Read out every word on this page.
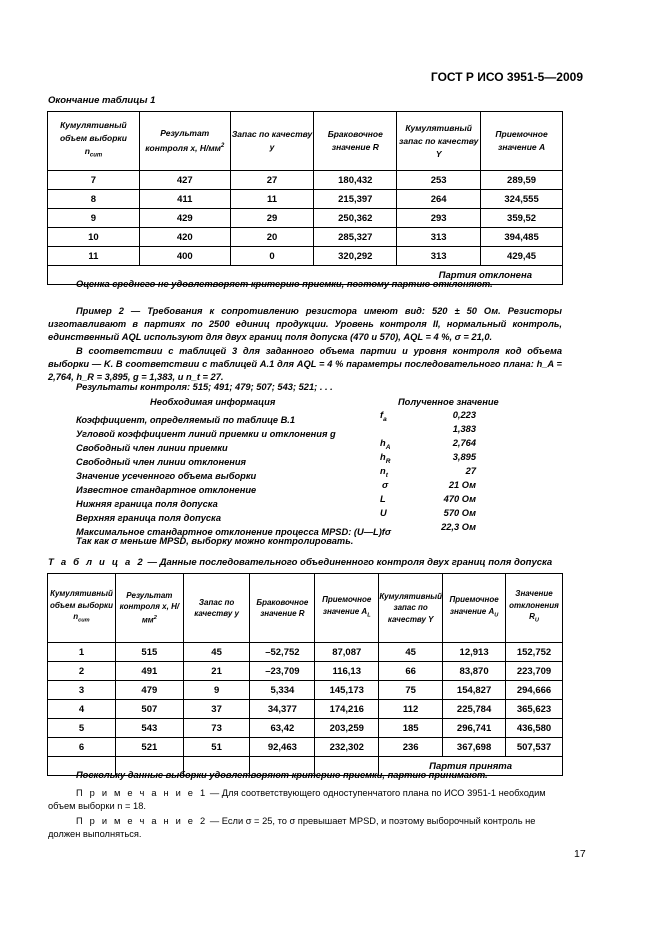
ГОСТ Р ИСО 3951-5—2009
Окончание таблицы 1
Кумулятивный объем выборки
$n_{cum}$	Результат контроля x, $Н/мм^2$	Запас по качеству y	Браковочное значение R	Кумулятивный запас по качеству Y	Приемочное значение A
7	427	27	180,432	253	289,59
8	411	11	215,397	264	324,555
9	429	29	250,362	293	359,52
10	420	20	285,327	313	394,485
11	400	0	320,292	313	429,45
Партия отклонена					
Оценка среднего не удовлетворяет критерию приемки, поэтому партию отклоняют.
Пример 2 — Требования к сопротивлению резистора имеют вид: 520 ± 50 Ом. Резисторы изготавливают в партиях по 2500 единиц продукции. Уровень контроля II, нормальный контроль, единственный AQL используют для двух границ поля допуска (470 и 570), AQL = 4 %, σ = 21,0.
В соответствии с таблицей 3 для заданного объема партии и уровня контроля код объема выборки — K. В соответствии с таблицей A.1 для AQL = 4 % параметры последовательного плана: h_A = 2,764, h_R = 3,895, g = 1,383, и n_t = 27.
Результаты контроля: 515; 491; 479; 507; 543; 521; . . .
Необходимая информация	Полученное значение
Коэффициент, определяемый по таблице В.1	$f_a$	0,223
Угловой коэффициент линий приемки и отклонения g	1,383
Свободный член линии приемки	$h_A$	2,764
Свободный член линии отклонения	$h_R$	3,895
Значение усеченного объема выборки	$n_t$	27
Известное стандартное отклонение	σ	21 Ом
Нижняя граница поля допуска	L	470 Ом
Верхняя граница поля допуска	U	570 Ом
Максимальное стандартное отклонение процесса MPSD: (U—L)fσ	22,3 Ом
Так как σ меньше MPSD, выборку можно контролировать.
Т а б л и ц а 2 — Данные последовательного объединенного контроля двух границ поля допуска
Кумулятивный объем выборки
$n_{cum}$	Результат контроля x, $Н/мм^2$	Запас по качеству y	Браковочное значение R	Приемочное значение $A_L$	Кумулятивный запас по качеству Y	Приемочное значение $A_U$	Значение отклонения $R_U$
1	515	45	–52,752	87,087	45	12,913	152,752
2	491	21	–23,709	116,13	66	83,870	223,709
3	479	9	5,334	145,173	75	154,827	294,666
4	507	37	34,377	174,216	112	225,784	365,623
5	543	73	63,42	203,259	185	296,741	436,580
6	521	51	92,463	232,302	236	367,698	507,537
					Партия принята		
Поскольку данные выборки удовлетворяют критерию приемки, партию принимают.
П р и м е ч а н и е 1 — Для соответствующего одноступенчатого плана по ИСО 3951-1 необходим объем выборки n = 18.
П р и м е ч а н и е 2 — Если σ = 25, то σ превышает MPSD, и поэтому выборочный контроль не должен выполняться.
17
